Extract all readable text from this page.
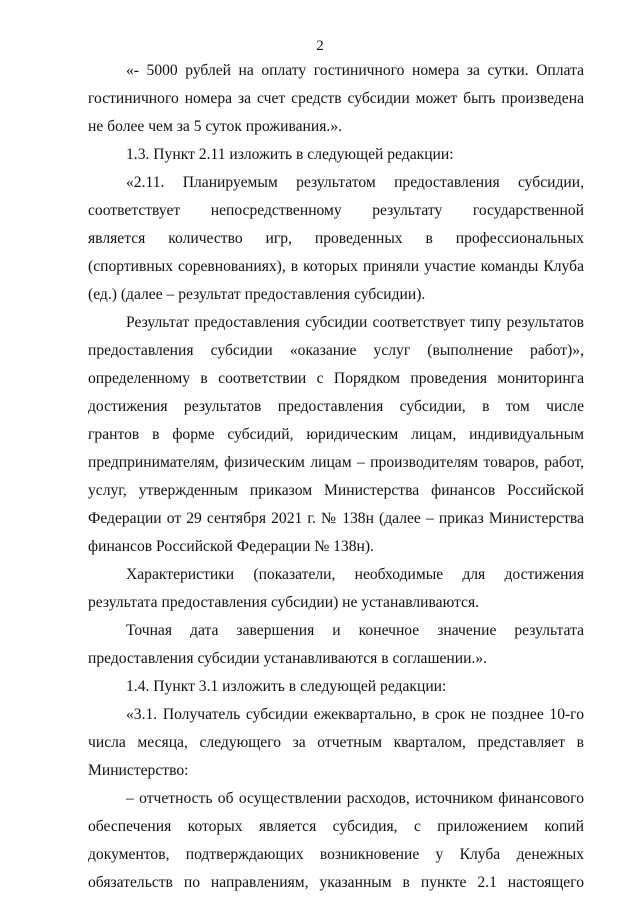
2
«- 5000 рублей на оплату гостиничного номера за сутки. Оплата
гостиничного номера за счет средств субсидии может быть произведена
не более чем за 5 суток проживания.».
1.3. Пункт 2.11 изложить в следующей редакции:
«2.11. Планируемым результатом предоставления субсидии,
соответствует непосредственному результату государственной
является количество игр, проведенных в профессиональных
(спортивных соревнованиях), в которых приняли участие команды Клуба
(ед.) (далее – результат предоставления субсидии).
Результат предоставления субсидии соответствует типу результатов
предоставления субсидии «оказание услуг (выполнение работ)»,
определенному в соответствии с Порядком проведения мониторинга
достижения результатов предоставления субсидии, в том числе
грантов в форме субсидий, юридическим лицам, индивидуальным
предпринимателям, физическим лицам – производителям товаров, работ,
услуг, утвержденным приказом Министерства финансов Российской
Федерации от 29 сентября 2021 г. № 138н (далее – приказ Министерства
финансов Российской Федерации № 138н).
Характеристики (показатели, необходимые для достижения
результата предоставления субсидии) не устанавливаются.
Точная дата завершения и конечное значение результата
предоставления субсидии устанавливаются в соглашении.».
1.4. Пункт 3.1 изложить в следующей редакции:
«3.1. Получатель субсидии ежеквартально, в срок не позднее 10-го
числа месяца, следующего за отчетным кварталом, представляет в
Министерство:
– отчетность об осуществлении расходов, источником финансового
обеспечения которых является субсидия, с приложением копий
документов, подтверждающих возникновение у Клуба денежных
обязательств по направлениям, указанным в пункте 2.1 настоящего
